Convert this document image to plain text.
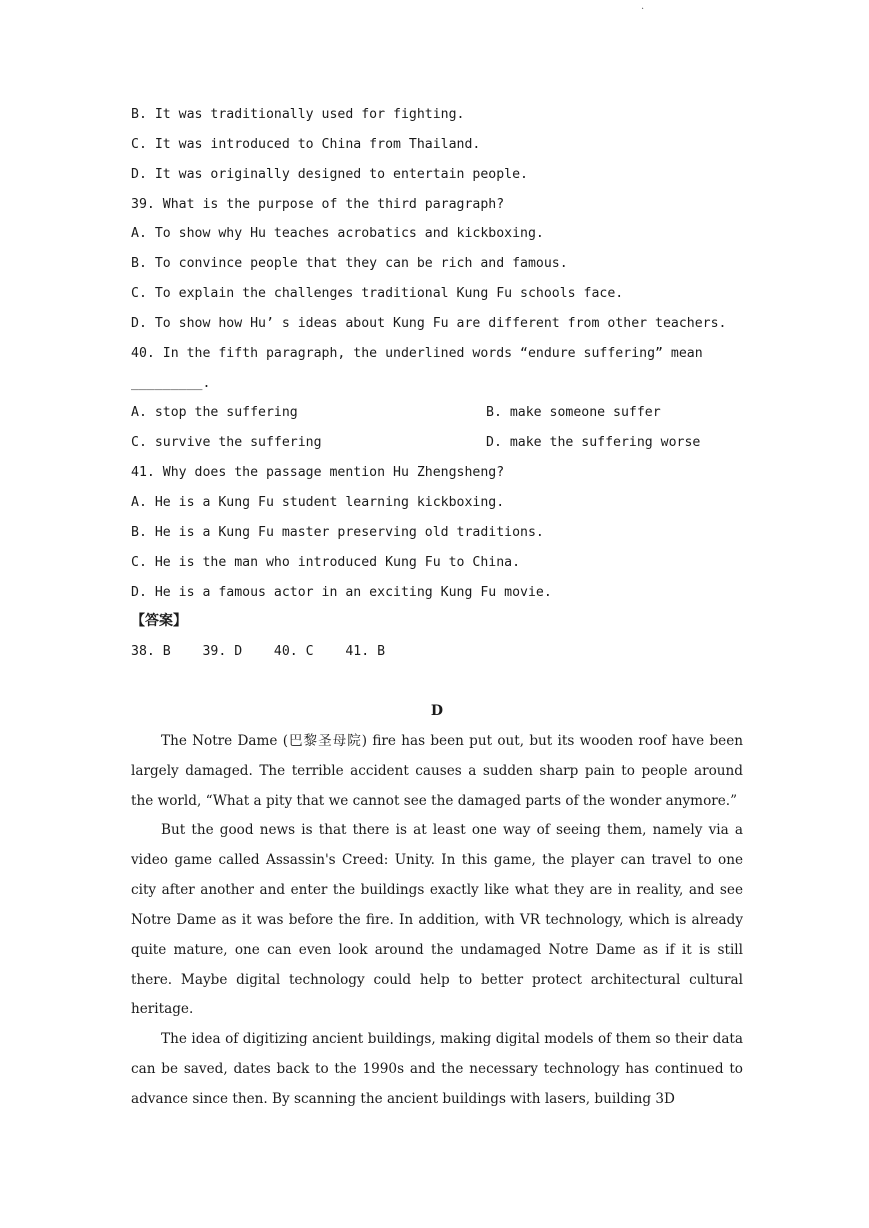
·
B. It was traditionally used for fighting.
C. It was introduced to China from Thailand.
D. It was originally designed to entertain people.
39. What is the purpose of the third paragraph?
A. To show why Hu teaches acrobatics and kickboxing.
B. To convince people that they can be rich and famous.
C. To explain the challenges traditional Kung Fu schools face.
D. To show how Hu’ s ideas about Kung Fu are different from other teachers.
40. In the fifth paragraph, the underlined words “endure suffering” mean
_________.
A. stop the suffering	B. make someone suffer
C. survive the suffering	D. make the suffering worse
41. Why does the passage mention Hu Zhengsheng?
A. He is a Kung Fu student learning kickboxing.
B. He is a Kung Fu master preserving old traditions.
C. He is the man who introduced Kung Fu to China.
D. He is a famous actor in an exciting Kung Fu movie.
【答案】
38. B    39. D    40. C    41. B
D

The Notre Dame (巴黎圣母院) fire has been put out, but its wooden roof have been largely damaged. The terrible accident causes a sudden sharp pain to people around the world, “What a pity that we cannot see the damaged parts of the wonder anymore.”

But the good news is that there is at least one way of seeing them, namely via a video game called Assassin's Creed: Unity. In this game, the player can travel to one city after another and enter the buildings exactly like what they are in reality, and see Notre Dame as it was before the fire. In addition, with VR technology, which is already quite mature, one can even look around the undamaged Notre Dame as if it is still there. Maybe digital technology could help to better protect architectural cultural heritage.

The idea of digitizing ancient buildings, making digital models of them so their data can be saved, dates back to the 1990s and the necessary technology has continued to advance since then. By scanning the ancient buildings with lasers, building 3D
